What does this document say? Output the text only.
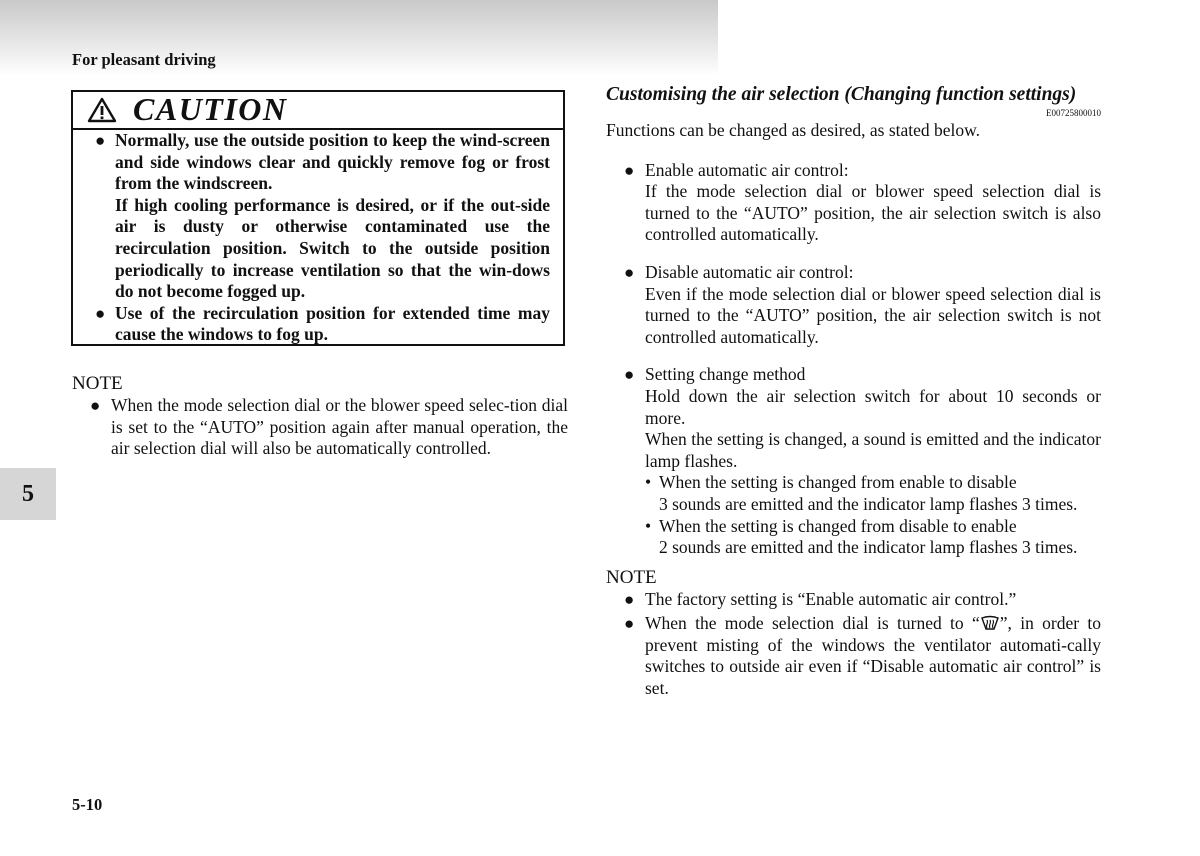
For pleasant driving
5
5-10
CAUTION
● Normally, use the outside position to keep the wind-screen and side windows clear and quickly remove fog or frost from the windscreen.
If high cooling performance is desired, or if the out-side air is dusty or otherwise contaminated use the recirculation position. Switch to the outside position periodically to increase ventilation so that the win-dows do not become fogged up.
● Use of the recirculation position for extended time may cause the windows to fog up.
NOTE
● When the mode selection dial or the blower speed selec-tion dial is set to the “AUTO” position again after manual operation, the air selection dial will also be automatically controlled.
Customising the air selection (Changing function settings)
E00725800010
Functions can be changed as desired, as stated below.
● Enable automatic air control:
If the mode selection dial or blower speed selection dial is turned to the “AUTO” position, the air selection switch is also controlled automatically.
● Disable automatic air control:
Even if the mode selection dial or blower speed selection dial is turned to the “AUTO” position, the air selection switch is not controlled automatically.
● Setting change method
Hold down the air selection switch for about 10 seconds or more.
When the setting is changed, a sound is emitted and the indicator lamp flashes.
• When the setting is changed from enable to disable
3 sounds are emitted and the indicator lamp flashes 3 times.
• When the setting is changed from disable to enable
2 sounds are emitted and the indicator lamp flashes 3 times.
NOTE
● The factory setting is “Enable automatic air control.”
● When the mode selection dial is turned to “ ”, in order to prevent misting of the windows the ventilator automati-cally switches to outside air even if “Disable automatic air control” is set.
